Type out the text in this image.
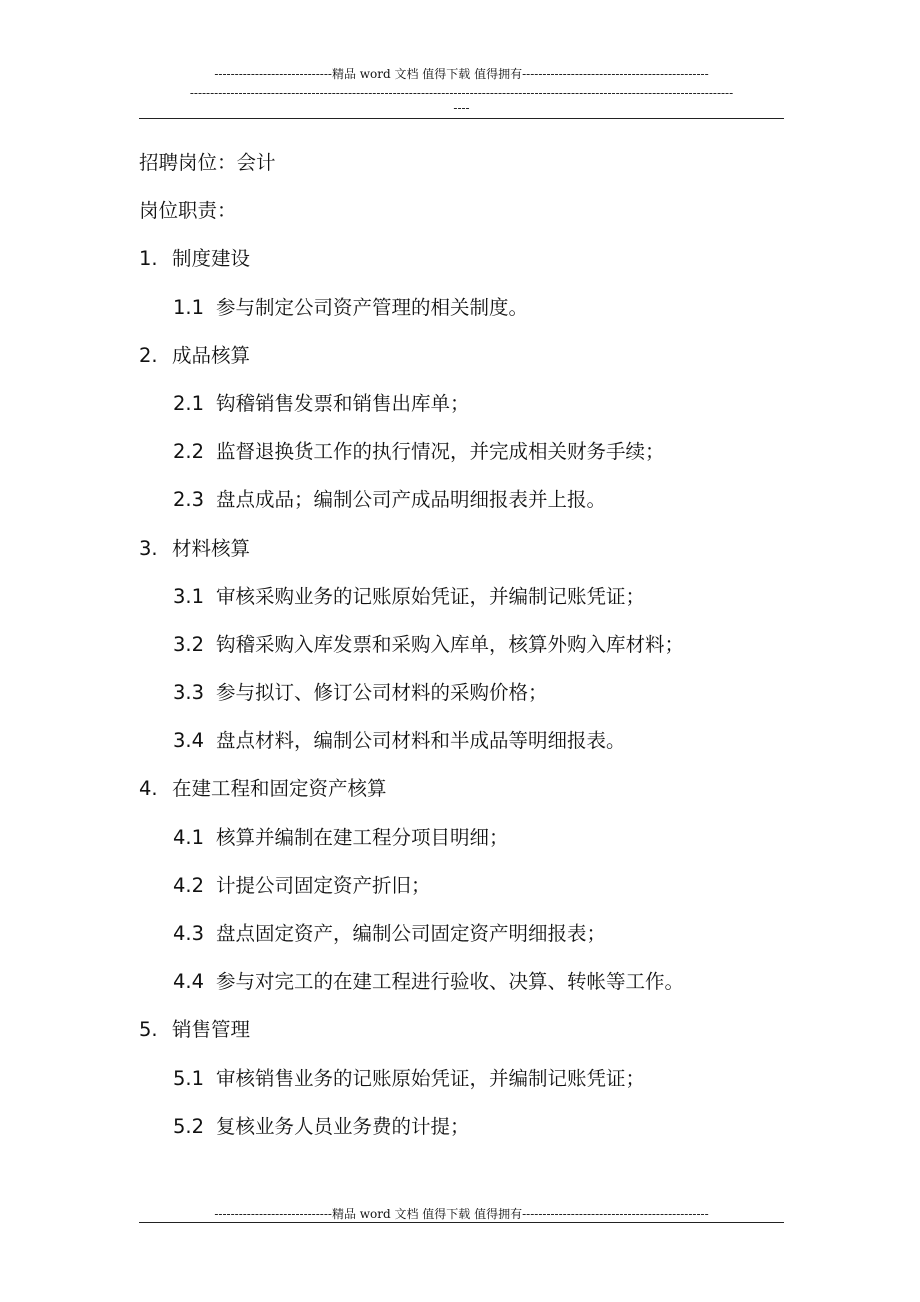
-----------------------------精品 word 文档 值得下载 值得拥有----------------------------------------------
--------------------------------------------------------------------------------------------------------------------------------------
----
招聘岗位：会计
岗位职责：
1. 制度建设
1.1 参与制定公司资产管理的相关制度。
2. 成品核算
2.1 钩稽销售发票和销售出库单；
2.2 监督退换货工作的执行情况，并完成相关财务手续；
2.3 盘点成品；编制公司产成品明细报表并上报。
3. 材料核算
3.1 审核采购业务的记账原始凭证，并编制记账凭证；
3.2 钩稽采购入库发票和采购入库单，核算外购入库材料；
3.3 参与拟订、修订公司材料的采购价格；
3.4 盘点材料，编制公司材料和半成品等明细报表。
4. 在建工程和固定资产核算
4.1 核算并编制在建工程分项目明细；
4.2 计提公司固定资产折旧；
4.3 盘点固定资产，编制公司固定资产明细报表；
4.4 参与对完工的在建工程进行验收、决算、转帐等工作。
5. 销售管理
5.1 审核销售业务的记账原始凭证，并编制记账凭证；
5.2 复核业务人员业务费的计提；
-----------------------------精品 word 文档 值得下载 值得拥有----------------------------------------------
